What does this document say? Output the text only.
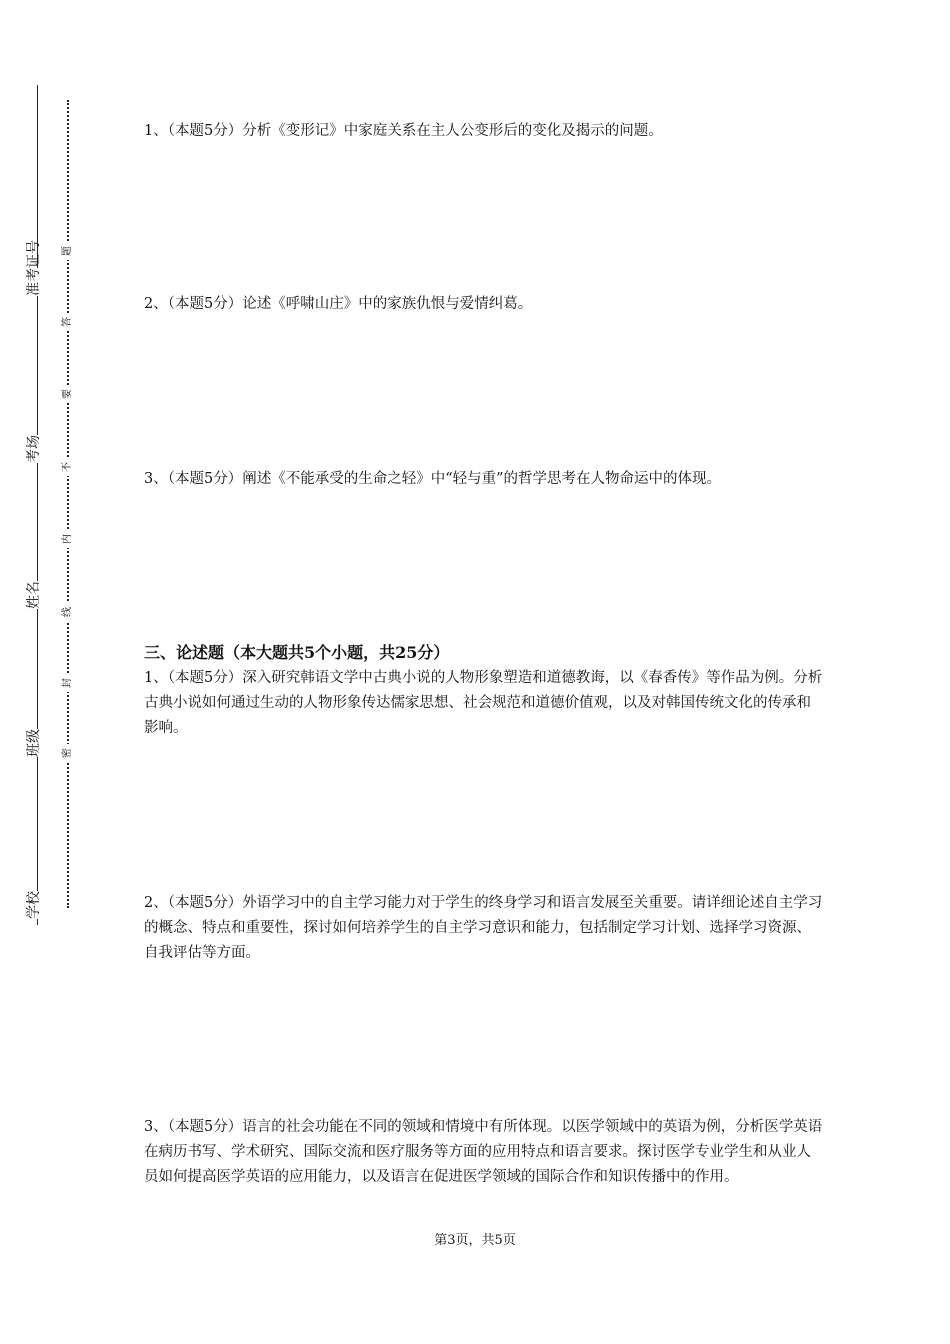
准考证号
考场
姓名
班级
学校
题
答
要
不
内
线
封
密

1、（本题5分）分析《变形记》中家庭关系在主人公变形后的变化及揭示的问题。

2、（本题5分）论述《呼啸山庄》中的家族仇恨与爱情纠葛。

3、（本题5分）阐述《不能承受的生命之轻》中“轻与重”的哲学思考在人物命运中的体现。

三、论述题（本大题共5个小题，共25分）

1、（本题5分）深入研究韩语文学中古典小说的人物形象塑造和道德教诲，以《春香传》等作品为例。分析古典小说如何通过生动的人物形象传达儒家思想、社会规范和道德价值观，以及对韩国传统文化的传承和影响。

2、（本题5分）外语学习中的自主学习能力对于学生的终身学习和语言发展至关重要。请详细论述自主学习的概念、特点和重要性，探讨如何培养学生的自主学习意识和能力，包括制定学习计划、选择学习资源、自我评估等方面。

3、（本题5分）语言的社会功能在不同的领域和情境中有所体现。以医学领域中的英语为例，分析医学英语在病历书写、学术研究、国际交流和医疗服务等方面的应用特点和语言要求。探讨医学专业学生和从业人员如何提高医学英语的应用能力，以及语言在促进医学领域的国际合作和知识传播中的作用。

第3页，共5页
